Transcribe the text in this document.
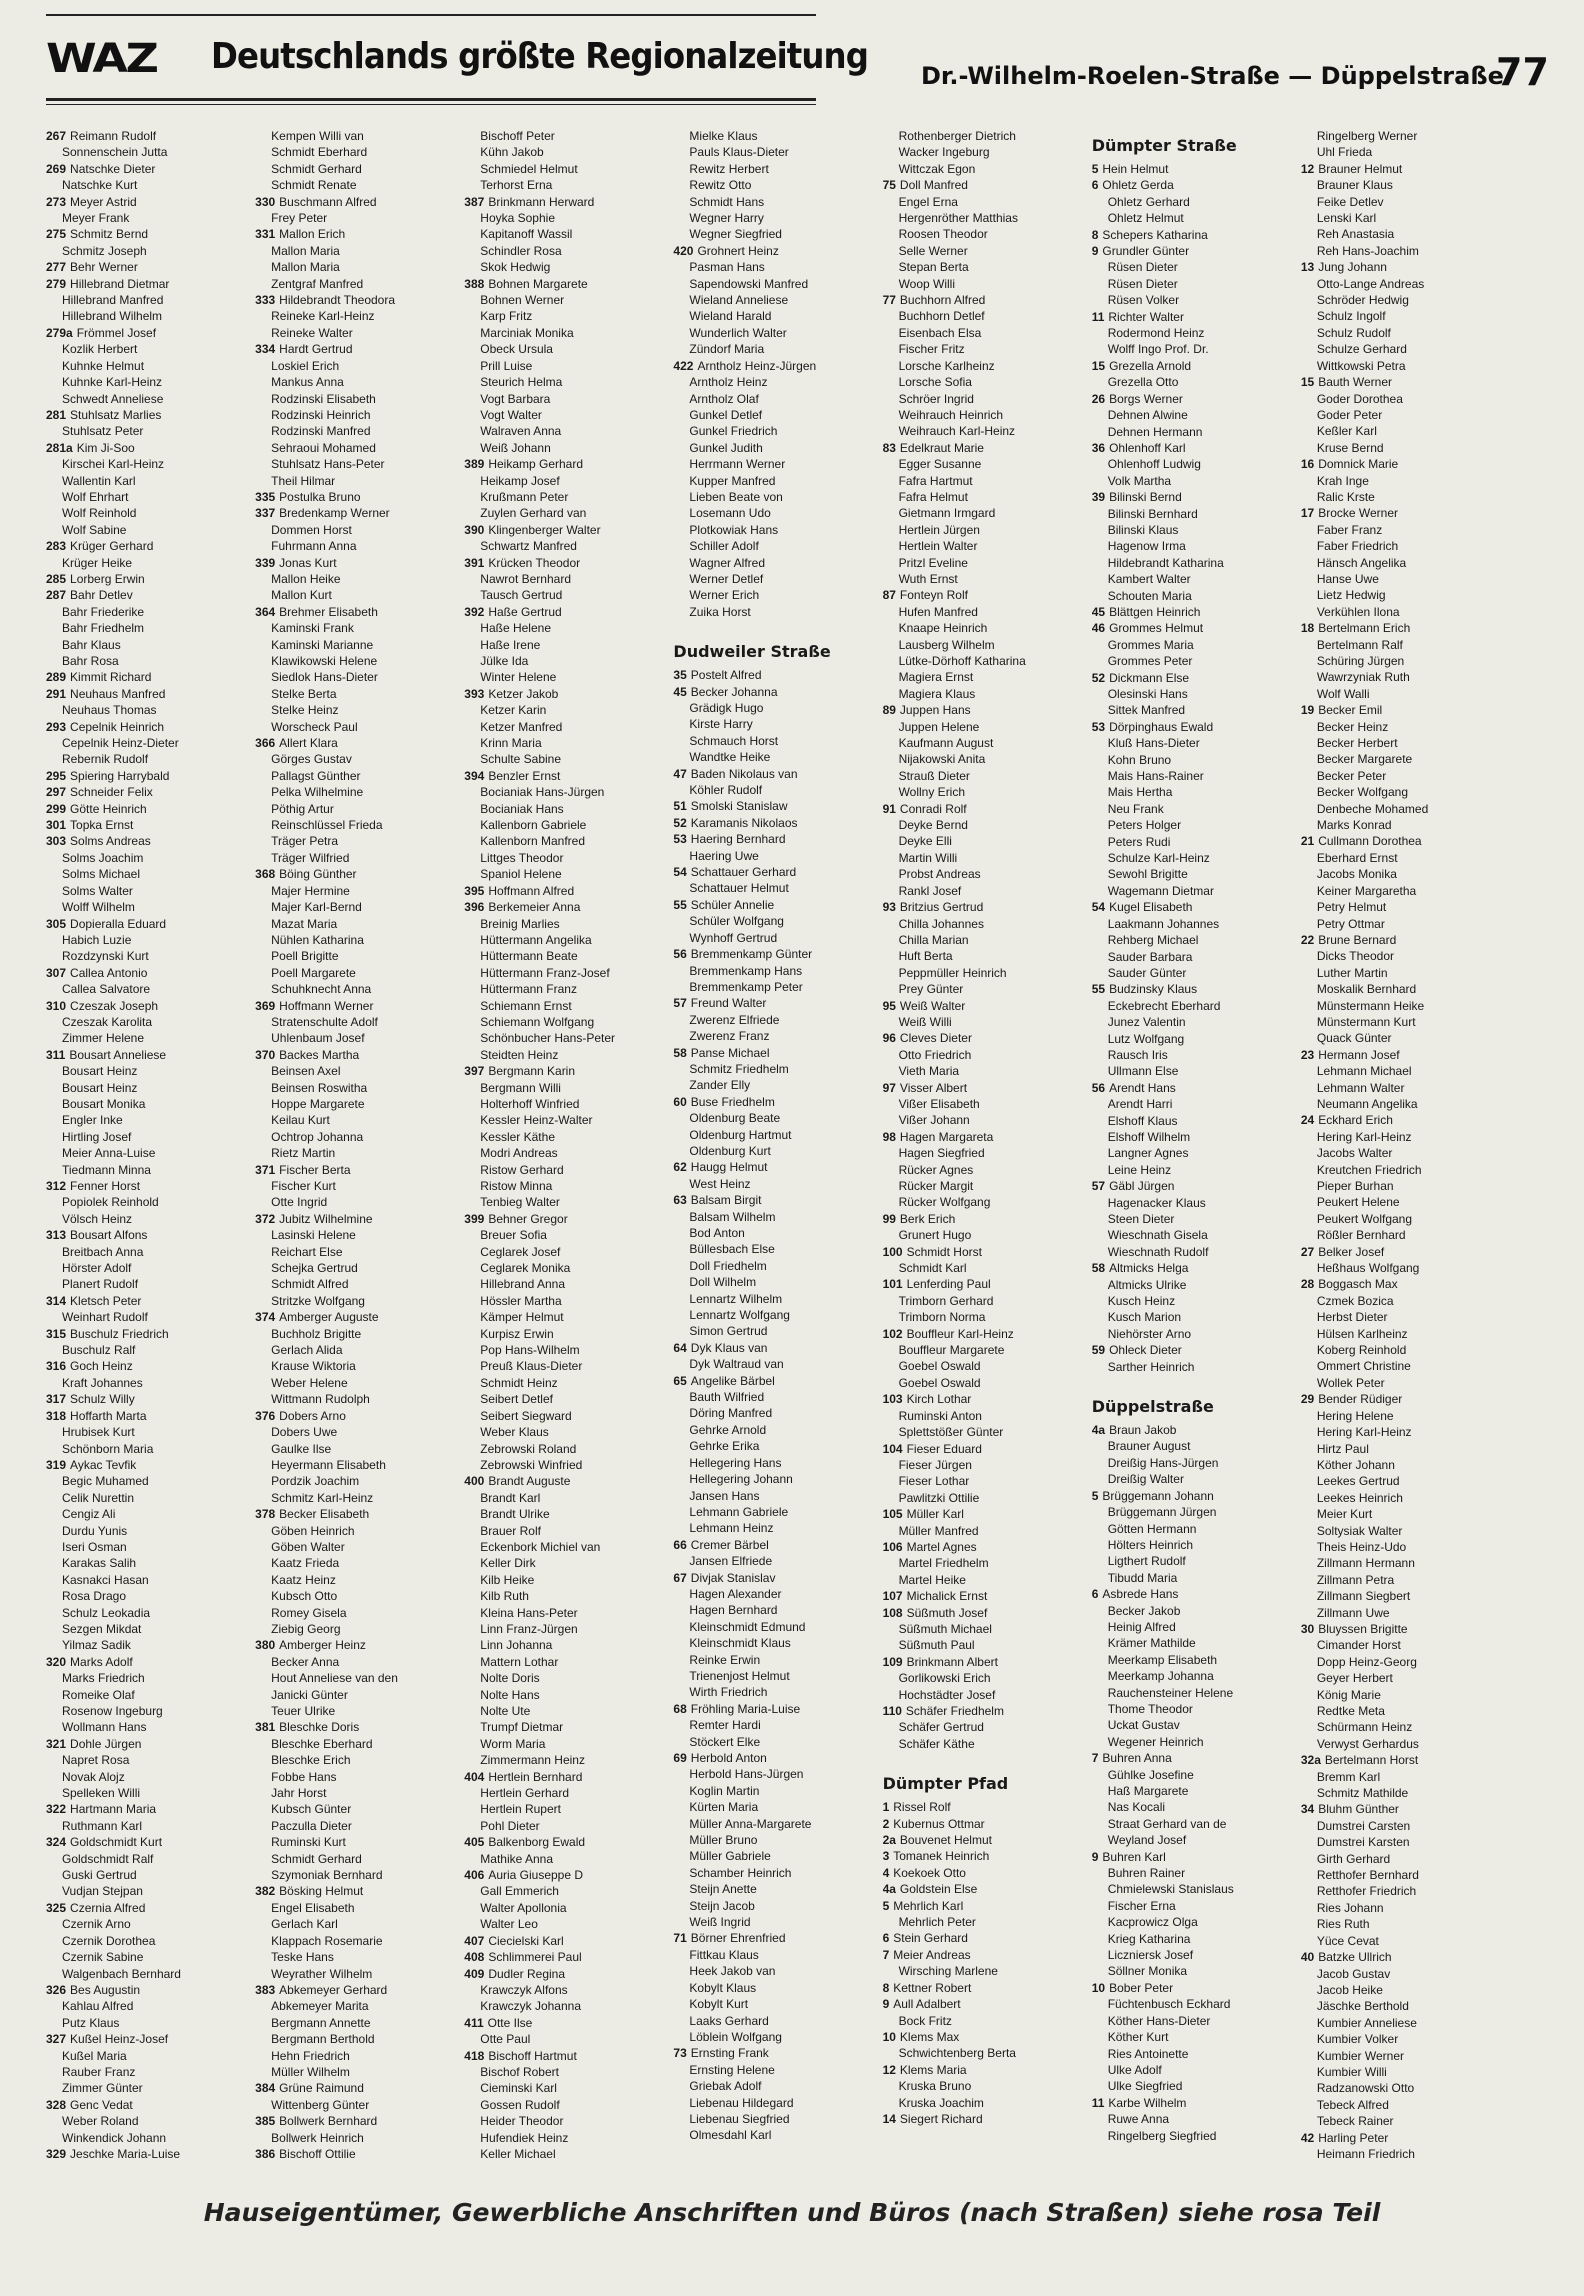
WAZ Deutschlands größte Regionalzeitung Dr.-Wilhelm-Roelen-Straße — Düppelstraße
77
267 Reimann Rudolf
Sonnenschein Jutta
269 Natschke Dieter
Natschke Kurt
273 Meyer Astrid
Meyer Frank
275 Schmitz Bernd
Schmitz Joseph
277 Behr Werner
279 Hillebrand Dietmar
Hillebrand Manfred
Hillebrand Wilhelm
279a Frömmel Josef
Kozlik Herbert
Kuhnke Helmut
Kuhnke Karl-Heinz
Schwedt Anneliese
281 Stuhlsatz Marlies
Stuhlsatz Peter
281a Kim Ji-Soo
Kirschei Karl-Heinz
Wallentin Karl
Wolf Ehrhart
Wolf Reinhold
Wolf Sabine
283 Krüger Gerhard
Krüger Heike
285 Lorberg Erwin
287 Bahr Detlev
Bahr Friederike
Bahr Friedhelm
Bahr Klaus
Bahr Rosa
289 Kimmit Richard
291 Neuhaus Manfred
Neuhaus Thomas
293 Cepelnik Heinrich
Cepelnik Heinz-Dieter
Rebernik Rudolf
295 Spiering Harrybald
297 Schneider Felix
299 Götte Heinrich
301 Topka Ernst
303 Solms Andreas
Solms Joachim
Solms Michael
Solms Walter
Wolff Wilhelm
305 Dopieralla Eduard
Habich Luzie
Rozdzynski Kurt
307 Callea Antonio
Callea Salvatore
310 Czeszak Joseph
Czeszak Karolita
Zimmer Helene
311 Bousart Anneliese
Bousart Heinz
Bousart Heinz
Bousart Monika
Engler Inke
Hirtling Josef
Meier Anna-Luise
Tiedmann Minna
312 Fenner Horst
Popiolek Reinhold
Völsch Heinz
313 Bousart Alfons
Breitbach Anna
Hörster Adolf
Planert Rudolf
314 Kletsch Peter
Weinhart Rudolf
315 Buschulz Friedrich
Buschulz Ralf
316 Goch Heinz
Kraft Johannes
317 Schulz Willy
318 Hoffarth Marta
Hrubisek Kurt
Schönborn Maria
319 Aykac Tevfik
Begic Muhamed
Celik Nurettin
Cengiz Ali
Durdu Yunis
Iseri Osman
Karakas Salih
Kasnakci Hasan
Rosa Drago
Schulz Leokadia
Sezgen Mikdat
Yilmaz Sadik
320 Marks Adolf
Marks Friedrich
Romeike Olaf
Rosenow Ingeburg
Wollmann Hans
321 Dohle Jürgen
Napret Rosa
Novak Alojz
Spelleken Willi
322 Hartmann Maria
Ruthmann Karl
324 Goldschmidt Kurt
Goldschmidt Ralf
Guski Gertrud
Vudjan Stejpan
325 Czernia Alfred
Czernik Arno
Czernik Dorothea
Czernik Sabine
Walgenbach Bernhard
326 Bes Augustin
Kahlau Alfred
Putz Klaus
327 Kußel Heinz-Josef
Kußel Maria
Rauber Franz
Zimmer Günter
328 Genc Vedat
Weber Roland
Winkendick Johann
329 Jeschke Maria-Luise
Kempen Willi van
Schmidt Eberhard
Schmidt Gerhard
Schmidt Renate
330 Buschmann Alfred
Frey Peter
331 Mallon Erich
Mallon Maria
Mallon Maria
Zentgraf Manfred
333 Hildebrandt Theodora
Reineke Karl-Heinz
Reineke Walter
334 Hardt Gertrud
Loskiel Erich
Mankus Anna
Rodzinski Elisabeth
Rodzinski Heinrich
Rodzinski Manfred
Sehraoui Mohamed
Stuhlsatz Hans-Peter
Theil Hilmar
335 Postulka Bruno
337 Bredenkamp Werner
Dommen Horst
Fuhrmann Anna
339 Jonas Kurt
Mallon Heike
Mallon Kurt
364 Brehmer Elisabeth
Kaminski Frank
Kaminski Marianne
Klawikowski Helene
Siedlok Hans-Dieter
Stelke Berta
Stelke Heinz
Worscheck Paul
366 Allert Klara
Görges Gustav
Pallagst Günther
Pelka Wilhelmine
Pöthig Artur
Reinschlüssel Frieda
Träger Petra
Träger Wilfried
368 Böing Günther
Majer Hermine
Majer Karl-Bernd
Mazat Maria
Nühlen Katharina
Poell Brigitte
Poell Margarete
Schuhknecht Anna
369 Hoffmann Werner
Stratenschulte Adolf
Uhlenbaum Josef
370 Backes Martha
Beinsen Axel
Beinsen Roswitha
Hoppe Margarete
Keilau Kurt
Ochtrop Johanna
Rietz Martin
371 Fischer Berta
Fischer Kurt
Otte Ingrid
372 Jubitz Wilhelmine
Lasinski Helene
Reichart Else
Schejka Gertrud
Schmidt Alfred
Stritzke Wolfgang
374 Amberger Auguste
Buchholz Brigitte
Gerlach Alida
Krause Wiktoria
Weber Helene
Wittmann Rudolph
376 Dobers Arno
Dobers Uwe
Gaulke Ilse
Heyermann Elisabeth
Pordzik Joachim
Schmitz Karl-Heinz
378 Becker Elisabeth
Göben Heinrich
Göben Walter
Kaatz Frieda
Kaatz Heinz
Kubsch Otto
Romey Gisela
Ziebig Georg
380 Amberger Heinz
Becker Anna
Hout Anneliese van den
Janicki Günter
Teuer Ulrike
381 Bleschke Doris
Bleschke Eberhard
Bleschke Erich
Fobbe Hans
Jahr Horst
Kubsch Günter
Paczulla Dieter
Ruminski Kurt
Schmidt Gerhard
Szymoniak Bernhard
382 Bösking Helmut
Engel Elisabeth
Gerlach Karl
Klappach Rosemarie
Teske Hans
Weyrather Wilhelm
383 Abkemeyer Gerhard
Abkemeyer Marita
Bergmann Annette
Bergmann Berthold
Hehn Friedrich
Müller Wilhelm
384 Grüne Raimund
Wittenberg Günter
385 Bollwerk Bernhard
Bollwerk Heinrich
386 Bischoff Ottilie
Bischoff Peter
Kühn Jakob
Schmiedel Helmut
Terhorst Erna
387 Brinkmann Herward
Hoyka Sophie
Kapitanoff Wassil
Schindler Rosa
Skok Hedwig
388 Bohnen Margarete
Bohnen Werner
Karp Fritz
Marciniak Monika
Obeck Ursula
Prill Luise
Steurich Helma
Vogt Barbara
Vogt Walter
Walraven Anna
Weiß Johann
389 Heikamp Gerhard
Heikamp Josef
Krußmann Peter
Zuylen Gerhard van
390 Klingenberger Walter
Schwartz Manfred
391 Krücken Theodor
Nawrot Bernhard
Tausch Gertrud
392 Haße Gertrud
Haße Helene
Haße Irene
Jülke Ida
Winter Helene
393 Ketzer Jakob
Ketzer Karin
Ketzer Manfred
Krinn Maria
Schulte Sabine
394 Benzler Ernst
Bocianiak Hans-Jürgen
Bocianiak Hans
Kallenborn Gabriele
Kallenborn Manfred
Littges Theodor
Spaniol Helene
395 Hoffmann Alfred
396 Berkemeier Anna
Breinig Marlies
Hüttermann Angelika
Hüttermann Beate
Hüttermann Franz-Josef
Hüttermann Franz
Schiemann Ernst
Schiemann Wolfgang
Schönbucher Hans-Peter
Steidten Heinz
397 Bergmann Karin
Bergmann Willi
Holterhoff Winfried
Kessler Heinz-Walter
Kessler Käthe
Modri Andreas
Ristow Gerhard
Ristow Minna
Tenbieg Walter
399 Behner Gregor
Breuer Sofia
Ceglarek Josef
Ceglarek Monika
Hillebrand Anna
Hössler Martha
Kämper Helmut
Kurpisz Erwin
Pop Hans-Wilhelm
Preuß Klaus-Dieter
Schmidt Heinz
Seibert Detlef
Seibert Siegward
Weber Klaus
Zebrowski Roland
Zebrowski Winfried
400 Brandt Auguste
Brandt Karl
Brandt Ulrike
Brauer Rolf
Eckenbork Michiel van
Keller Dirk
Kilb Heike
Kilb Ruth
Kleina Hans-Peter
Linn Franz-Jürgen
Linn Johanna
Mattern Lothar
Nolte Doris
Nolte Hans
Nolte Ute
Trumpf Dietmar
Worm Maria
Zimmermann Heinz
404 Hertlein Bernhard
Hertlein Gerhard
Hertlein Rupert
Pohl Dieter
405 Balkenborg Ewald
Mathike Anna
406 Auria Giuseppe D
Gall Emmerich
Walter Apollonia
Walter Leo
407 Ciecielski Karl
408 Schlimmerei Paul
409 Dudler Regina
Krawczyk Alfons
Krawczyk Johanna
411 Otte Ilse
Otte Paul
418 Bischoff Hartmut
Bischof Robert
Cieminski Karl
Gossen Rudolf
Heider Theodor
Hufendiek Heinz
Keller Michael
Mielke Klaus
Pauls Klaus-Dieter
Rewitz Herbert
Rewitz Otto
Schmidt Hans
Wegner Harry
Wegner Siegfried
420 Grohnert Heinz
Pasman Hans
Sapendowski Manfred
Wieland Anneliese
Wieland Harald
Wunderlich Walter
Zündorf Maria
422 Arntholz Heinz-Jürgen
Arntholz Heinz
Arntholz Olaf
Gunkel Detlef
Gunkel Friedrich
Gunkel Judith
Herrmann Werner
Kupper Manfred
Lieben Beate von
Losemann Udo
Plotkowiak Hans
Schiller Adolf
Wagner Alfred
Werner Detlef
Werner Erich
Zuika Horst
Dudweiler Straße
35 Postelt Alfred
45 Becker Johanna
Grädigk Hugo
Kirste Harry
Schmauch Horst
Wandtke Heike
47 Baden Nikolaus van
Köhler Rudolf
51 Smolski Stanislaw
52 Karamanis Nikolaos
53 Haering Bernhard
Haering Uwe
54 Schattauer Gerhard
Schattauer Helmut
55 Schüler Annelie
Schüler Wolfgang
Wynhoff Gertrud
56 Bremmenkamp Günter
Bremmenkamp Hans
Bremmenkamp Peter
57 Freund Walter
Zwerenz Elfriede
Zwerenz Franz
58 Panse Michael
Schmitz Friedhelm
Zander Elly
60 Buse Friedhelm
Oldenburg Beate
Oldenburg Hartmut
Oldenburg Kurt
62 Haugg Helmut
West Heinz
63 Balsam Birgit
Balsam Wilhelm
Bod Anton
Büllesbach Else
Doll Friedhelm
Doll Wilhelm
Lennartz Wilhelm
Lennartz Wolfgang
Simon Gertrud
64 Dyk Klaus van
Dyk Waltraud van
65 Angelike Bärbel
Bauth Wilfried
Döring Manfred
Gehrke Arnold
Gehrke Erika
Hellegering Hans
Hellegering Johann
Jansen Hans
Lehmann Gabriele
Lehmann Heinz
66 Cremer Bärbel
Jansen Elfriede
67 Divjak Stanislav
Hagen Alexander
Hagen Bernhard
Kleinschmidt Edmund
Kleinschmidt Klaus
Reinke Erwin
Trienenjost Helmut
Wirth Friedrich
68 Fröhling Maria-Luise
Remter Hardi
Stöckert Elke
69 Herbold Anton
Herbold Hans-Jürgen
Koglin Martin
Kürten Maria
Müller Anna-Margarete
Müller Bruno
Müller Gabriele
Schamber Heinrich
Steijn Anette
Steijn Jacob
Weiß Ingrid
71 Börner Ehrenfried
Fittkau Klaus
Heek Jakob van
Kobylt Klaus
Kobylt Kurt
Laaks Gerhard
Löblein Wolfgang
73 Ernsting Frank
Ernsting Helene
Griebak Adolf
Liebenau Hildegard
Liebenau Siegfried
Olmesdahl Karl
Rothenberger Dietrich
Wacker Ingeburg
Wittczak Egon
75 Doll Manfred
Engel Erna
Hergenröther Matthias
Roosen Theodor
Selle Werner
Stepan Berta
Woop Willi
77 Buchhorn Alfred
Buchhorn Detlef
Eisenbach Elsa
Fischer Fritz
Lorsche Karlheinz
Lorsche Sofia
Schröer Ingrid
Weihrauch Heinrich
Weihrauch Karl-Heinz
83 Edelkraut Marie
Egger Susanne
Fafra Hartmut
Fafra Helmut
Gietmann Irmgard
Hertlein Jürgen
Hertlein Walter
Pritzl Eveline
Wuth Ernst
87 Fonteyn Rolf
Hufen Manfred
Knaape Heinrich
Lausberg Wilhelm
Lütke-Dörhoff Katharina
Magiera Ernst
Magiera Klaus
89 Juppen Hans
Juppen Helene
Kaufmann August
Nijakowski Anita
Strauß Dieter
Wollny Erich
91 Conradi Rolf
Deyke Bernd
Deyke Elli
Martin Willi
Probst Andreas
Rankl Josef
93 Britzius Gertrud
Chilla Johannes
Chilla Marian
Huft Berta
Peppmüller Heinrich
Prey Günter
95 Weiß Walter
Weiß Willi
96 Cleves Dieter
Otto Friedrich
Vieth Maria
97 Visser Albert
Vißer Elisabeth
Vißer Johann
98 Hagen Margareta
Hagen Siegfried
Rücker Agnes
Rücker Margit
Rücker Wolfgang
99 Berk Erich
Grunert Hugo
100 Schmidt Horst
Schmidt Karl
101 Lenferding Paul
Trimborn Gerhard
Trimborn Norma
102 Bouffleur Karl-Heinz
Bouffleur Margarete
Goebel Oswald
Goebel Oswald
103 Kirch Lothar
Ruminski Anton
Splettstößer Günter
104 Fieser Eduard
Fieser Jürgen
Fieser Lothar
Pawlitzki Ottilie
105 Müller Karl
Müller Manfred
106 Martel Agnes
Martel Friedhelm
Martel Heike
107 Michalick Ernst
108 Süßmuth Josef
Süßmuth Michael
Süßmuth Paul
109 Brinkmann Albert
Gorlikowski Erich
Hochstädter Josef
110 Schäfer Friedhelm
Schäfer Gertrud
Schäfer Käthe
Dümpter Pfad
1 Rissel Rolf
2 Kubernus Ottmar
2a Bouvenet Helmut
3 Tomanek Heinrich
4 Koekoek Otto
4a Goldstein Else
5 Mehrlich Karl
Mehrlich Peter
6 Stein Gerhard
7 Meier Andreas
Wirsching Marlene
8 Kettner Robert
9 Aull Adalbert
Bock Fritz
10 Klems Max
Schwichtenberg Berta
12 Klems Maria
Kruska Bruno
Kruska Joachim
14 Siegert Richard
Dümpter Straße
5 Hein Helmut
6 Ohletz Gerda
Ohletz Gerhard
Ohletz Helmut
8 Schepers Katharina
9 Grundler Günter
Rüsen Dieter
Rüsen Dieter
Rüsen Volker
11 Richter Walter
Rodermond Heinz
Wolff Ingo Prof. Dr.
15 Grezella Arnold
Grezella Otto
26 Borgs Werner
Dehnen Alwine
Dehnen Hermann
36 Ohlenhoff Karl
Ohlenhoff Ludwig
Volk Martha
39 Bilinski Bernd
Bilinski Bernhard
Bilinski Klaus
Hagenow Irma
Hildebrandt Katharina
Kambert Walter
Schouten Maria
45 Blättgen Heinrich
46 Grommes Helmut
Grommes Maria
Grommes Peter
52 Dickmann Else
Olesinski Hans
Sittek Manfred
53 Dörpinghaus Ewald
Kluß Hans-Dieter
Kohn Bruno
Mais Hans-Rainer
Mais Hertha
Neu Frank
Peters Holger
Peters Rudi
Schulze Karl-Heinz
Sewohl Brigitte
Wagemann Dietmar
54 Kugel Elisabeth
Laakmann Johannes
Rehberg Michael
Sauder Barbara
Sauder Günter
55 Budzinsky Klaus
Eckebrecht Eberhard
Junez Valentin
Lutz Wolfgang
Rausch Iris
Ullmann Else
56 Arendt Hans
Arendt Harri
Elshoff Klaus
Elshoff Wilhelm
Langner Agnes
Leine Heinz
57 Gäbl Jürgen
Hagenacker Klaus
Steen Dieter
Wieschnath Gisela
Wieschnath Rudolf
58 Altmicks Helga
Altmicks Ulrike
Kusch Heinz
Kusch Marion
Niehörster Arno
59 Ohleck Dieter
Sarther Heinrich
Düppelstraße
4a Braun Jakob
Brauner August
Dreißig Hans-Jürgen
Dreißig Walter
5 Brüggemann Johann
Brüggemann Jürgen
Götten Hermann
Hölters Heinrich
Ligthert Rudolf
Tibudd Maria
6 Asbrede Hans
Becker Jakob
Heinig Alfred
Krämer Mathilde
Meerkamp Elisabeth
Meerkamp Johanna
Rauchensteiner Helene
Thome Theodor
Uckat Gustav
Wegener Heinrich
7 Buhren Anna
Gühlke Josefine
Haß Margarete
Nas Kocali
Straat Gerhard van de
Weyland Josef
9 Buhren Karl
Buhren Rainer
Chmielewski Stanislaus
Fischer Erna
Kacprowicz Olga
Krieg Katharina
Liczniersk Josef
Söllner Monika
10 Bober Peter
Füchtenbusch Eckhard
Köther Hans-Dieter
Köther Kurt
Ries Antoinette
Ulke Adolf
Ulke Siegfried
11 Karbe Wilhelm
Ruwe Anna
Ringelberg Siegfried
Ringelberg Werner
Uhl Frieda
12 Brauner Helmut
Brauner Klaus
Feike Detlev
Lenski Karl
Reh Anastasia
Reh Hans-Joachim
13 Jung Johann
Otto-Lange Andreas
Schröder Hedwig
Schulz Ingolf
Schulz Rudolf
Schulze Gerhard
Wittkowski Petra
15 Bauth Werner
Goder Dorothea
Goder Peter
Keßler Karl
Kruse Bernd
16 Domnick Marie
Krah Inge
Ralic Krste
17 Brocke Werner
Faber Franz
Faber Friedrich
Hänsch Angelika
Hanse Uwe
Lietz Hedwig
Verkühlen Ilona
18 Bertelmann Erich
Bertelmann Ralf
Schüring Jürgen
Wawrzyniak Ruth
Wolf Walli
19 Becker Emil
Becker Heinz
Becker Herbert
Becker Margarete
Becker Peter
Becker Wolfgang
Denbeche Mohamed
Marks Konrad
21 Cullmann Dorothea
Eberhard Ernst
Jacobs Monika
Keiner Margaretha
Petry Helmut
Petry Ottmar
22 Brune Bernard
Dicks Theodor
Luther Martin
Moskalik Bernhard
Münstermann Heike
Münstermann Kurt
Quack Günter
23 Hermann Josef
Lehmann Michael
Lehmann Walter
Neumann Angelika
24 Eckhard Erich
Hering Karl-Heinz
Jacobs Walter
Kreutchen Friedrich
Pieper Burhan
Peukert Helene
Peukert Wolfgang
Rößler Bernhard
27 Belker Josef
Heßhaus Wolfgang
28 Boggasch Max
Czmek Bozica
Herbst Dieter
Hülsen Karlheinz
Koberg Reinhold
Ommert Christine
Wollek Peter
29 Bender Rüdiger
Hering Helene
Hering Karl-Heinz
Hirtz Paul
Köther Johann
Leekes Gertrud
Leekes Heinrich
Meier Kurt
Soltysiak Walter
Theis Heinz-Udo
Zillmann Hermann
Zillmann Petra
Zillmann Siegbert
Zillmann Uwe
30 Bluyssen Brigitte
Cimander Horst
Dopp Heinz-Georg
Geyer Herbert
König Marie
Redtke Meta
Schürmann Heinz
Verwyst Gerhardus
32a Bertelmann Horst
Bremm Karl
Schmitz Mathilde
34 Bluhm Günther
Dumstrei Carsten
Dumstrei Karsten
Girth Gerhard
Retthofer Bernhard
Retthofer Friedrich
Ries Johann
Ries Ruth
Yüce Cevat
40 Batzke Ullrich
Jacob Gustav
Jacob Heike
Jäschke Berthold
Kumbier Anneliese
Kumbier Volker
Kumbier Werner
Kumbier Willi
Radzanowski Otto
Tebeck Alfred
Tebeck Rainer
42 Harling Peter
Heimann Friedrich
Hauseigentümer, Gewerbliche Anschriften und Büros (nach Straßen) siehe rosa Teil
